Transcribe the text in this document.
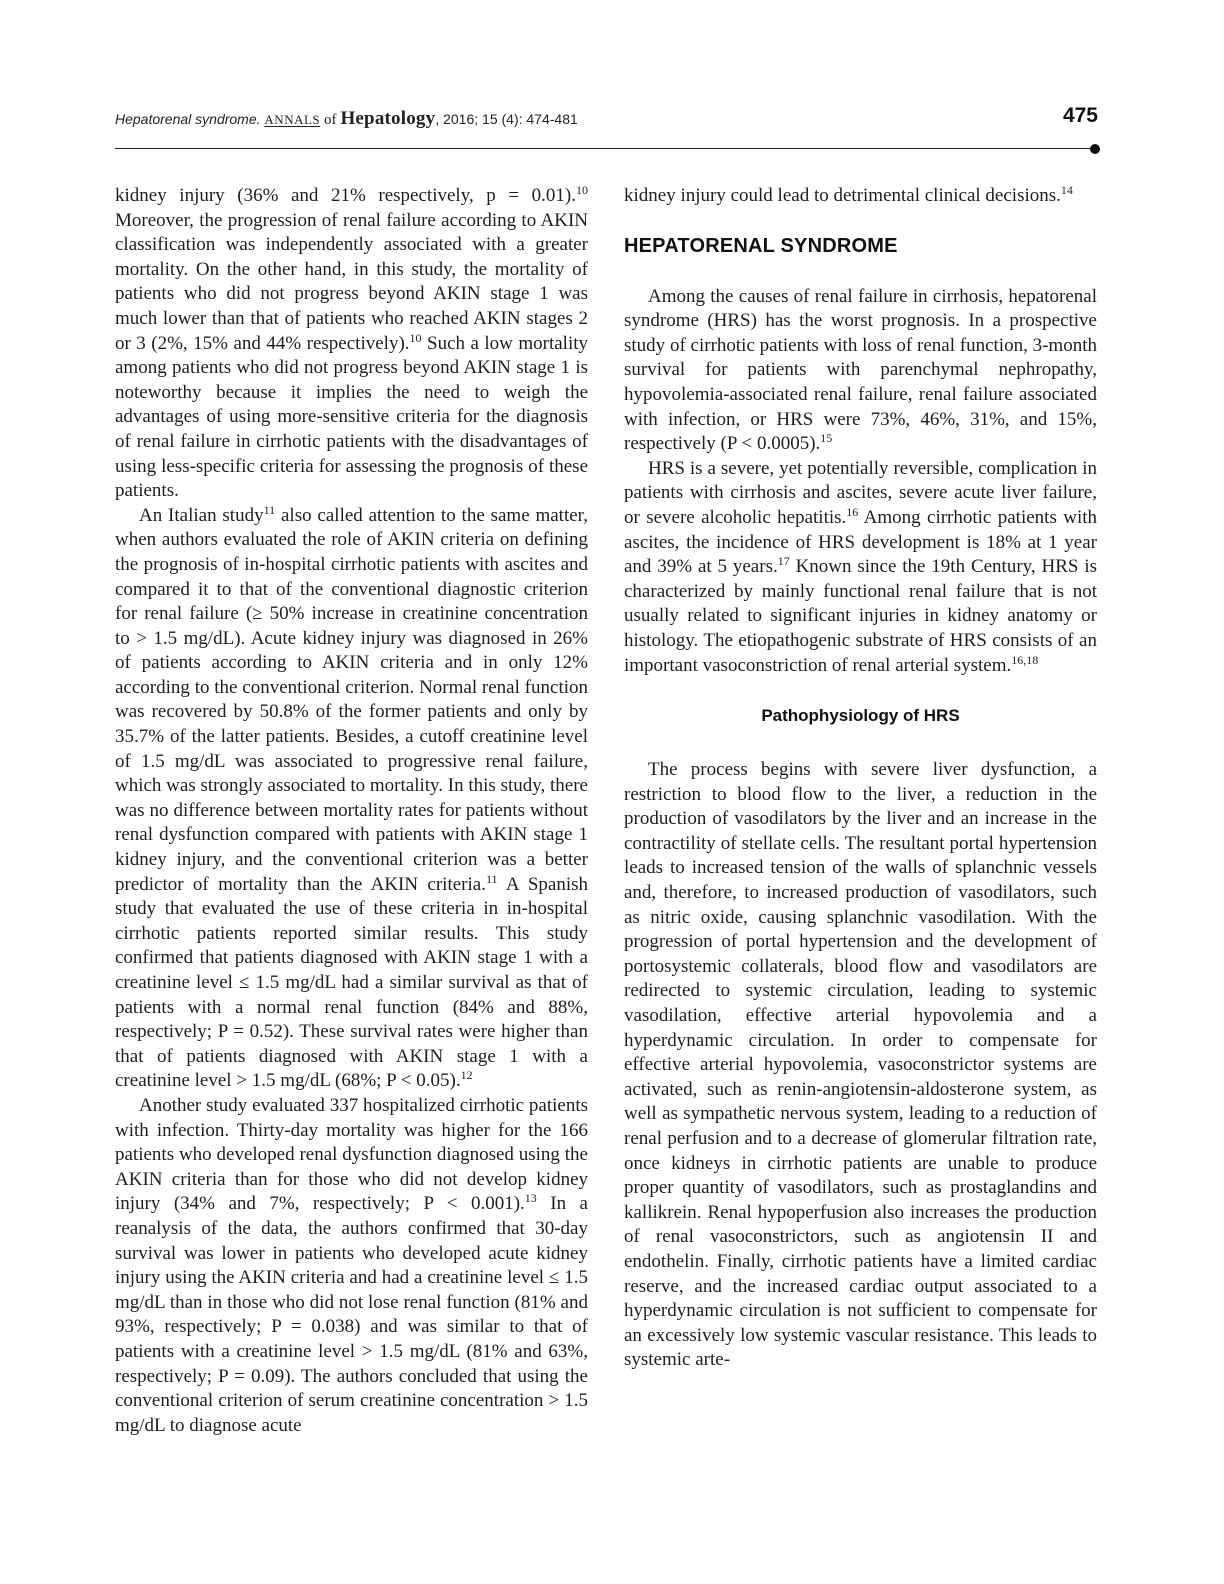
Hepatorenal syndrome. ANNALS of Hepatology, 2016; 15 (4): 474-481	475

kidney injury (36% and 21% respectively, p = 0.01).$^{10}$ Moreover, the progression of renal failure according to AKIN classification was independently associated with a greater mortality. On the other hand, in this study, the mortality of patients who did not progress beyond AKIN stage 1 was much lower than that of patients who reached AKIN stages 2 or 3 (2%, 15% and 44% respectively).$^{10}$ Such a low mortality among patients who did not progress beyond AKIN stage 1 is noteworthy because it implies the need to weigh the advantages of using more-sensitive criteria for the diagnosis of renal failure in cirrhotic patients with the disadvantages of using less-specific criteria for assessing the prognosis of these patients.

An Italian study$^{11}$ also called attention to the same matter, when authors evaluated the role of AKIN criteria on defining the prognosis of in-hospital cirrhotic patients with ascites and compared it to that of the conventional diagnostic criterion for renal failure (≥ 50% increase in creatinine concentration to > 1.5 mg/dL). Acute kidney injury was diagnosed in 26% of patients according to AKIN criteria and in only 12% according to the conventional criterion. Normal renal function was recovered by 50.8% of the former patients and only by 35.7% of the latter patients. Besides, a cutoff creatinine level of 1.5 mg/dL was associated to progressive renal failure, which was strongly associated to mortality. In this study, there was no difference between mortality rates for patients without renal dysfunction compared with patients with AKIN stage 1 kidney injury, and the conventional criterion was a better predictor of mortality than the AKIN criteria.$^{11}$ A Spanish study that evaluated the use of these criteria in in-hospital cirrhotic patients reported similar results. This study confirmed that patients diagnosed with AKIN stage 1 with a creatinine level ≤ 1.5 mg/dL had a similar survival as that of patients with a normal renal function (84% and 88%, respectively; P = 0.52). These survival rates were higher than that of patients diagnosed with AKIN stage 1 with a creatinine level > 1.5 mg/dL (68%; P < 0.05).$^{12}$

Another study evaluated 337 hospitalized cirrhotic patients with infection. Thirty-day mortality was higher for the 166 patients who developed renal dysfunction diagnosed using the AKIN criteria than for those who did not develop kidney injury (34% and 7%, respectively; P < 0.001).$^{13}$ In a reanalysis of the data, the authors confirmed that 30-day survival was lower in patients who developed acute kidney injury using the AKIN criteria and had a creatinine level ≤ 1.5 mg/dL than in those who did not lose renal function (81% and 93%, respectively; P = 0.038) and was similar to that of patients with a creatinine level > 1.5 mg/dL (81% and 63%, respectively; P = 0.09). The authors concluded that using the conventional criterion of serum creatinine concentration > 1.5 mg/dL to diagnose acute

kidney injury could lead to detrimental clinical decisions.$^{14}$

HEPATORENAL SYNDROME

Among the causes of renal failure in cirrhosis, hepatorenal syndrome (HRS) has the worst prognosis. In a prospective study of cirrhotic patients with loss of renal function, 3-month survival for patients with parenchymal nephropathy, hypovolemia-associated renal failure, renal failure associated with infection, or HRS were 73%, 46%, 31%, and 15%, respectively (P < 0.0005).$^{15}$

HRS is a severe, yet potentially reversible, complication in patients with cirrhosis and ascites, severe acute liver failure, or severe alcoholic hepatitis.$^{16}$ Among cirrhotic patients with ascites, the incidence of HRS development is 18% at 1 year and 39% at 5 years.$^{17}$ Known since the 19th Century, HRS is characterized by mainly functional renal failure that is not usually related to significant injuries in kidney anatomy or histology. The etiopathogenic substrate of HRS consists of an important vasoconstriction of renal arterial system.$^{16,18}$

Pathophysiology of HRS

The process begins with severe liver dysfunction, a restriction to blood flow to the liver, a reduction in the production of vasodilators by the liver and an increase in the contractility of stellate cells. The resultant portal hypertension leads to increased tension of the walls of splanchnic vessels and, therefore, to increased production of vasodilators, such as nitric oxide, causing splanchnic vasodilation. With the progression of portal hypertension and the development of portosystemic collaterals, blood flow and vasodilators are redirected to systemic circulation, leading to systemic vasodilation, effective arterial hypovolemia and a hyperdynamic circulation. In order to compensate for effective arterial hypovolemia, vasoconstrictor systems are activated, such as renin-angiotensin-aldosterone system, as well as sympathetic nervous system, leading to a reduction of renal perfusion and to a decrease of glomerular filtration rate, once kidneys in cirrhotic patients are unable to produce proper quantity of vasodilators, such as prostaglandins and kallikrein. Renal hypoperfusion also increases the production of renal vasoconstrictors, such as angiotensin II and endothelin. Finally, cirrhotic patients have a limited cardiac reserve, and the increased cardiac output associated to a hyperdynamic circulation is not sufficient to compensate for an excessively low systemic vascular resistance. This leads to systemic arte-
